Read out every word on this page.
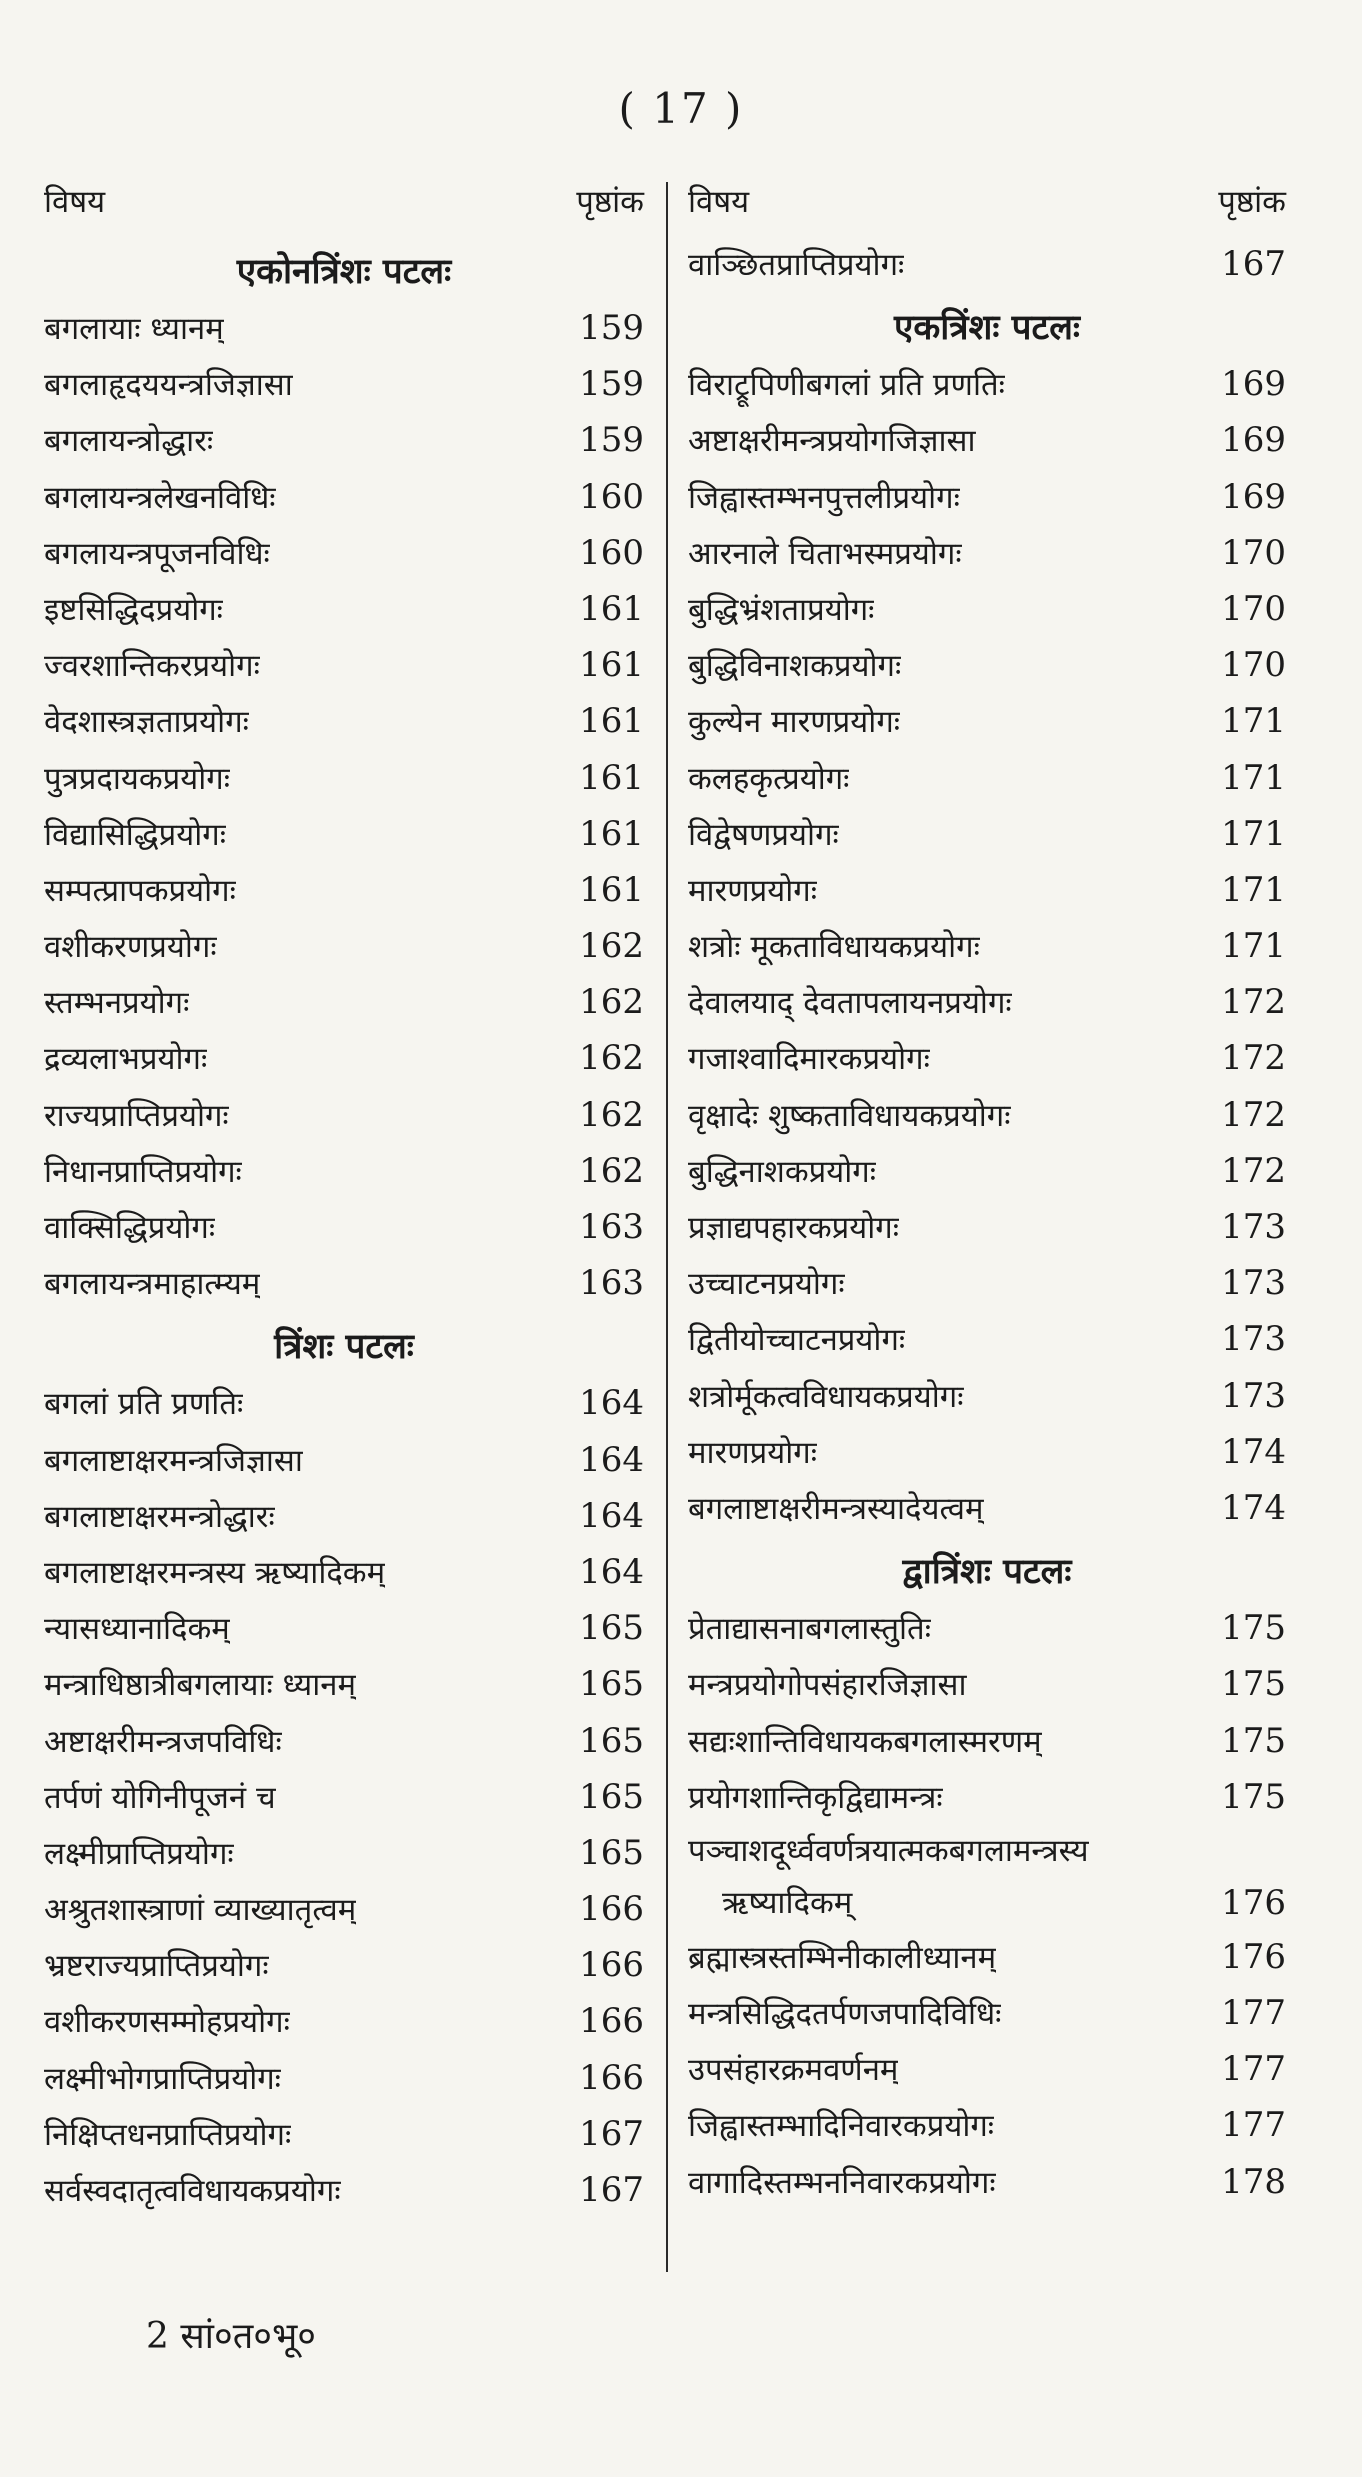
( 17 )
विषय	पृष्ठांक
एकोनत्रिंशः पटलः
बगलायाः ध्यानम्	159
बगलाहृदययन्त्रजिज्ञासा	159
बगलायन्त्रोद्धारः	159
बगलायन्त्रलेखनविधिः	160
बगलायन्त्रपूजनविधिः	160
इष्टसिद्धिदप्रयोगः	161
ज्वरशान्तिकरप्रयोगः	161
वेदशास्त्रज्ञताप्रयोगः	161
पुत्रप्रदायकप्रयोगः	161
विद्यासिद्धिप्रयोगः	161
सम्पत्प्रापकप्रयोगः	161
वशीकरणप्रयोगः	162
स्तम्भनप्रयोगः	162
द्रव्यलाभप्रयोगः	162
राज्यप्राप्तिप्रयोगः	162
निधानप्राप्तिप्रयोगः	162
वाक्सिद्धिप्रयोगः	163
बगलायन्त्रमाहात्म्यम्	163
त्रिंशः पटलः
बगलां प्रति प्रणतिः	164
बगलाष्टाक्षरमन्त्रजिज्ञासा	164
बगलाष्टाक्षरमन्त्रोद्धारः	164
बगलाष्टाक्षरमन्त्रस्य ऋष्यादिकम्	164
न्यासध्यानादिकम्	165
मन्त्राधिष्ठात्रीबगलायाः ध्यानम्	165
अष्टाक्षरीमन्त्रजपविधिः	165
तर्पणं योगिनीपूजनं च	165
लक्ष्मीप्राप्तिप्रयोगः	165
अश्रुतशास्त्राणां व्याख्यातृत्वम्	166
भ्रष्टराज्यप्राप्तिप्रयोगः	166
वशीकरणसम्मोहप्रयोगः	166
लक्ष्मीभोगप्राप्तिप्रयोगः	166
निक्षिप्तधनप्राप्तिप्रयोगः	167
सर्वस्वदातृत्वविधायकप्रयोगः	167
विषय	पृष्ठांक
वाञ्छितप्राप्तिप्रयोगः	167
एकत्रिंशः पटलः
विराट्रूपिणीबगलां प्रति प्रणतिः	169
अष्टाक्षरीमन्त्रप्रयोगजिज्ञासा	169
जिह्वास्तम्भनपुत्तलीप्रयोगः	169
आरनाले चिताभस्मप्रयोगः	170
बुद्धिभ्रंशताप्रयोगः	170
बुद्धिविनाशकप्रयोगः	170
कुल्येन मारणप्रयोगः	171
कलहकृत्प्रयोगः	171
विद्वेषणप्रयोगः	171
मारणप्रयोगः	171
शत्रोः मूकताविधायकप्रयोगः	171
देवालयाद् देवतापलायनप्रयोगः	172
गजाश्वादिमारकप्रयोगः	172
वृक्षादेः शुष्कताविधायकप्रयोगः	172
बुद्धिनाशकप्रयोगः	172
प्रज्ञाद्यपहारकप्रयोगः	173
उच्चाटनप्रयोगः	173
द्वितीयोच्चाटनप्रयोगः	173
शत्रोर्मूकत्वविधायकप्रयोगः	173
मारणप्रयोगः	174
बगलाष्टाक्षरीमन्त्रस्यादेयत्वम्	174
द्वात्रिंशः पटलः
प्रेताद्यासनाबगलास्तुतिः	175
मन्त्रप्रयोगोपसंहारजिज्ञासा	175
सद्यःशान्तिविधायकबगलास्मरणम्	175
प्रयोगशान्तिकृद्विद्यामन्त्रः	175
पञ्चाशदूर्ध्ववर्णत्रयात्मकबगलामन्त्रस्य
ऋष्यादिकम्	176
ब्रह्मास्त्रस्तम्भिनीकालीध्यानम्	176
मन्त्रसिद्धिदतर्पणजपादिविधिः	177
उपसंहारक्रमवर्णनम्	177
जिह्वास्तम्भादिनिवारकप्रयोगः	177
वागादिस्तम्भननिवारकप्रयोगः	178
2 सां०त०भू०
